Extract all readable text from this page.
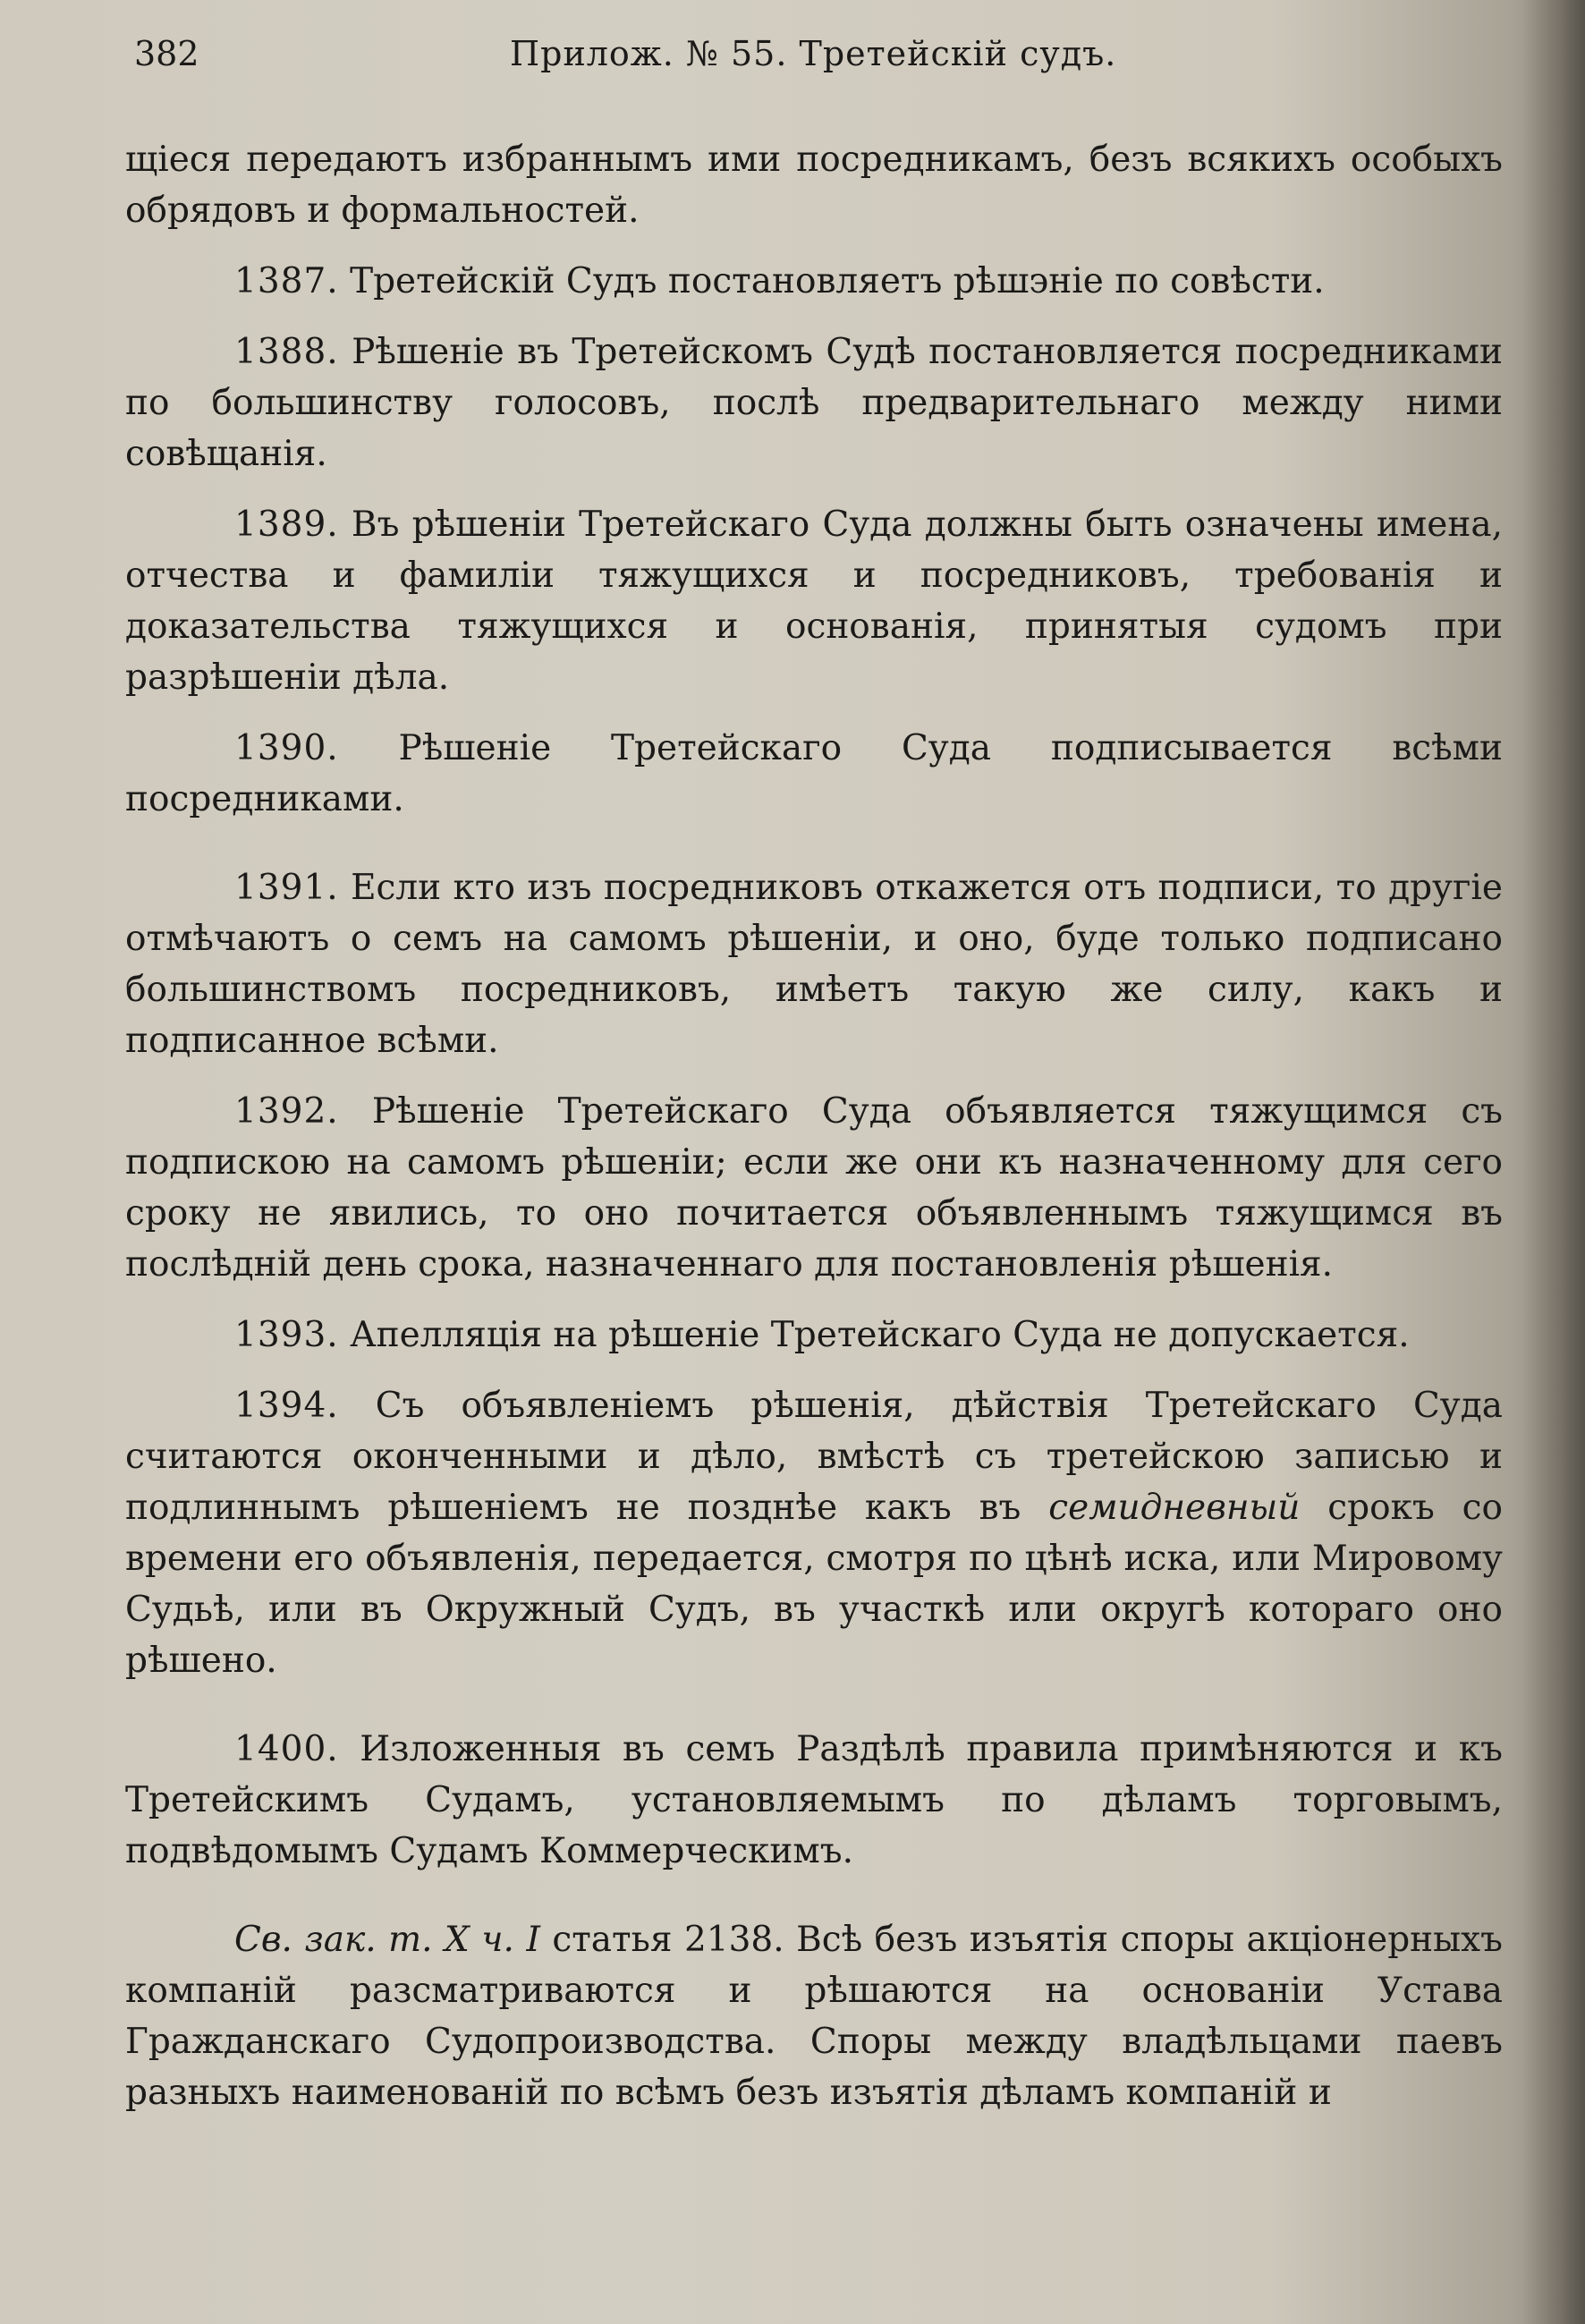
382	Прилож. № 55. Третейскій судъ.

щіеся передаютъ избраннымъ ими посредникамъ, безъ всякихъ особыхъ обрядовъ и формальностей.

1387. Третейскій Судъ постановляетъ рѣшэніе по совѣсти.

1388. Рѣшеніе въ Третейскомъ Судѣ постановляется посредниками по большинству голосовъ, послѣ предварительнаго между ними совѣщанія.

1389. Въ рѣшеніи Третейскаго Суда должны быть означены имена, отчества и фамиліи тяжущихся и посредниковъ, требованія и доказательства тяжущихся и основанія, принятыя судомъ при разрѣшеніи дѣла.

1390. Рѣшеніе Третейскаго Суда подписывается всѣми посредниками.

1391. Если кто изъ посредниковъ откажется отъ подписи, то другіе отмѣчаютъ о семъ на самомъ рѣшеніи, и оно, буде только подписано большинствомъ посредниковъ, имѣетъ такую же силу, какъ и подписанное всѣми.

1392. Рѣшеніе Третейскаго Суда объявляется тяжущимся съ подпискою на самомъ рѣшеніи; если же они къ назначенному для сего сроку не явились, то оно почитается объявленнымъ тяжущимся въ послѣдній день срока, назначеннаго для постановленія рѣшенія.

1393. Апелляція на рѣшеніе Третейскаго Суда не допускается.

1394. Съ объявленіемъ рѣшенія, дѣйствія Третейскаго Суда считаются оконченными и дѣло, вмѣстѣ съ третейскою записью и подлиннымъ рѣшеніемъ не позднѣе какъ въ семидневный срокъ со времени его объявленія, передается, смотря по цѣнѣ иска, или Мировому Судьѣ, или въ Окружный Судъ, въ участкѣ или округѣ котораго оно рѣшено.

1400. Изложенныя въ семъ Раздѣлѣ правила примѣняются и къ Третейскимъ Судамъ, установляемымъ по дѣламъ торговымъ, подвѣдомымъ Судамъ Коммерческимъ.

Св. зак. т. X ч. I статья 2138. Всѣ безъ изъятія споры акціонерныхъ компаній разсматриваются и рѣшаются на основаніи Устава Гражданскаго Судопроизводства. Споры между владѣльцами паевъ разныхъ наименованій по всѣмъ безъ изъятія дѣламъ компаній и
